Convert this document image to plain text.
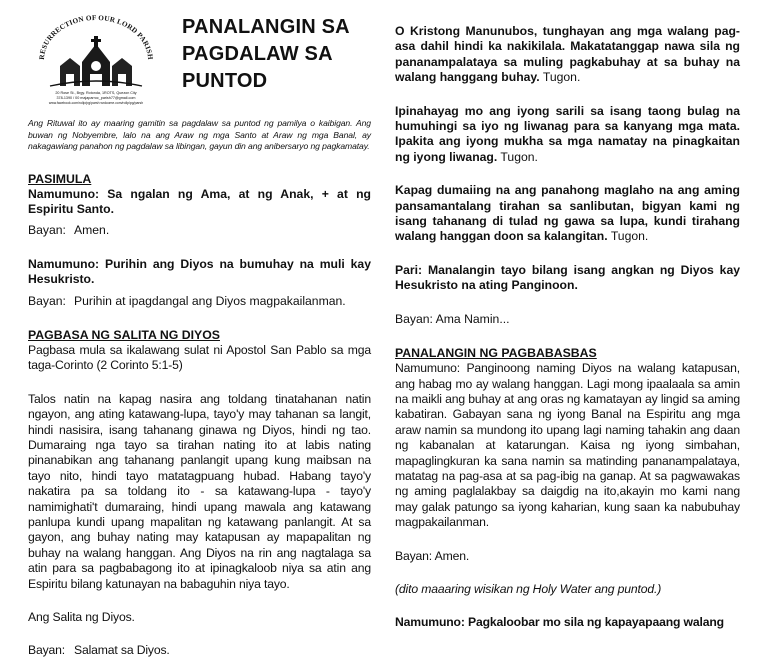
RESURRECTION OF OUR LORD PARISH
20 Rose St., Brgy. Rotonda, 1ROTS, Quezon City
378-1390 / 00 majaparroc_parish77@gmail.com
www.facebook.com/rollp/pg/parsh wrdcome.com/rollp/pg/parsh
PANALANGIN SA
PAGDALAW SA
PUNTOD
Ang Rituwal ito ay maaring gamitin sa pagdalaw sa puntod ng pamilya o kaibigan. Ang buwan ng Nobyembre, lalo na ang Araw ng mga Santo at Araw ng mga Banal, ay nakagawiang panahon ng pagdalaw sa libingan, gayun din ang anibersaryo ng pagkamatay.
PASIMULA

Namumuno: Sa ngalan ng Ama, at ng Anak, + at ng Espiritu Santo.

Bayan: Amen.

Namumuno: Purihin ang Diyos na bumuhay na muli kay Hesukristo.

Bayan: Purihin at ipagdangal ang Diyos magpakailanman.

PAGBASA NG SALITA NG DIYOS

Pagbasa mula sa ikalawang sulat ni Apostol San Pablo sa mga taga-Corinto (2 Corinto 5:1-5)

Talos natin na kapag nasira ang toldang tinatahanan natin ngayon, ang ating katawang-lupa, tayo'y may tahanan sa langit, hindi nasisira, isang tahanang ginawa ng Diyos, hindi ng tao. Dumaraing nga tayo sa tirahan nating ito at labis nating pinanabikan ang tahanang panlangit upang kung maibsan na tayo nito, hindi tayo matatagpuang hubad. Habang tayo'y nakatira pa sa toldang ito - sa katawang-lupa - tayo'y namimighati't dumaraing, hindi upang mawala ang katawang panlupa kundi upang mapalitan ng katawang panlangit. At sa gayon, ang buhay nating may katapusan ay mapapalitan ng buhay na walang hanggan. Ang Diyos na rin ang nagtalaga sa atin para sa pagbabagong ito at ipinagkaloob niya sa atin ang Espiritu bilang katunayan na babaguhin niya tayo.

Ang Salita ng Diyos.

Bayan: Salamat sa Diyos.

O Kristong Manunubos, tunghayan ang mga walang pag- asa dahil hindi ka nakikilala. Makatatanggap nawa sila ng pananampalataya sa muling pagkabuhay at sa buhay na walang hanggang buhay. Tugon.

Ipinahayag mo ang iyong sarili sa isang taong bulag na humuhingi sa iyo ng liwanag para sa kanyang mga mata. Ipakita ang iyong mukha sa mga namatay na pinagkaitan ng iyong liwanag. Tugon.

Kapag dumaiing na ang panahong maglaho na ang aming pansamantalang tirahan sa sanlibutan, bigyan kami ng isang tahanang di tulad ng gawa sa lupa, kundi tirahang walang hanggan doon sa kalangitan. Tugon.

Pari: Manalangin tayo bilang isang angkan ng Diyos kay Hesukristo na ating Panginoon.

Bayan: Ama Namin...

PANALANGIN NG PAGBABASBAS

Namumuno: Panginoong naming Diyos na walang katapusan, ang habag mo ay walang hanggan. Lagi mong ipaalaala sa amin na maikli ang buhay at ang oras ng kamatayan ay lingid sa aming kabatiran. Gabayan sana ng iyong Banal na Espiritu ang mga araw namin sa mundong ito upang lagi naming tahakin ang daan ng kabanalan at katarungan. Kaisa ng iyong simbahan, mapaglingkuran ka sana namin sa matinding pananampalataya, matatag na pag-asa at sa pag-ibig na ganap. At sa pagwawakas ng aming paglalakbay sa daigdig na ito,akayin mo kami nang may galak patungo sa iyong kaharian, kung saan ka nabubuhay magpakailanman.

Bayan: Amen.

(dito maaaring wisikan ng Holy Water ang puntod.)

Namumuno: Pagkaloobar mo sila ng kapayapaang walang
